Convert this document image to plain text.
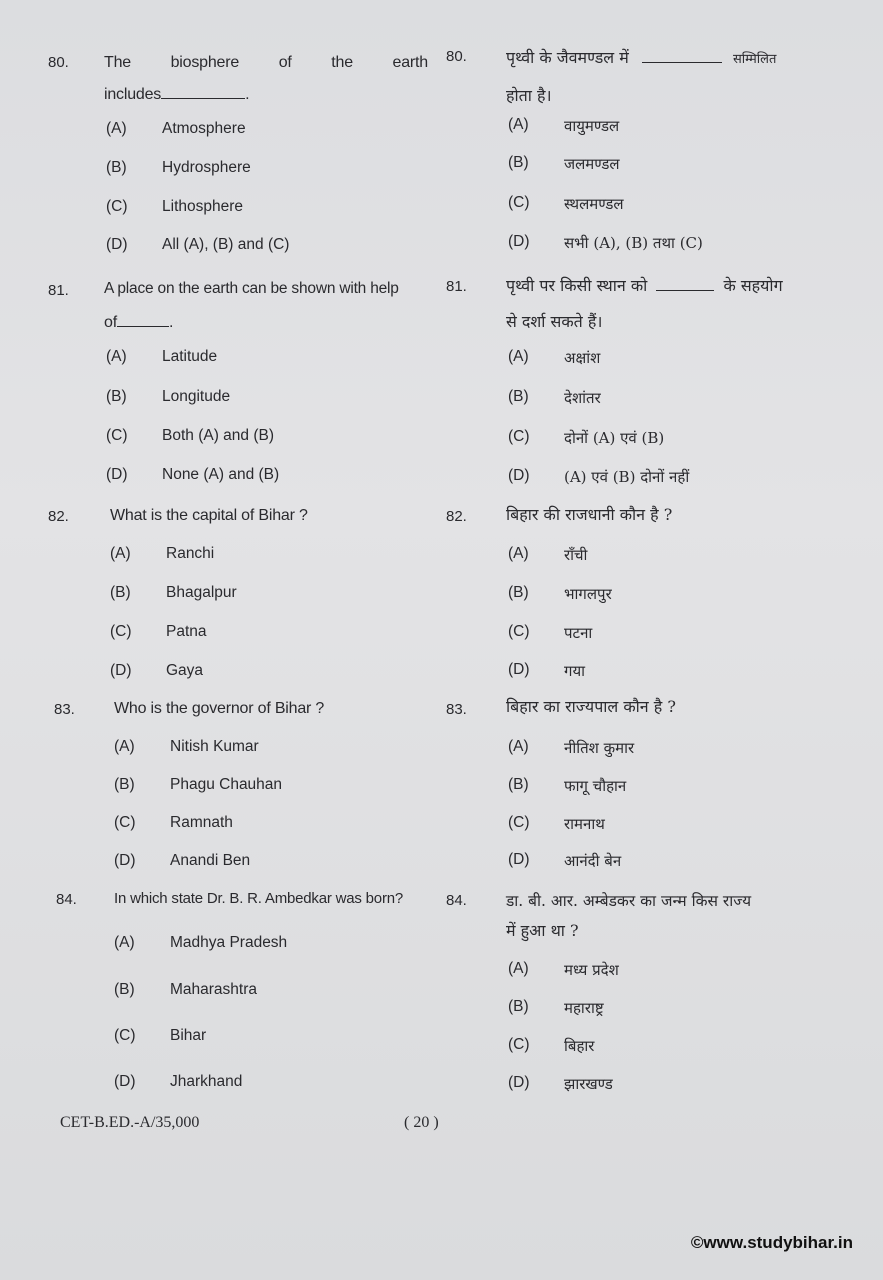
80. The biosphere of the earth
includes	.
(A) Atmosphere
(B) Hydrosphere
(C) Lithosphere
(D) All (A), (B) and (C)
81. A place on the earth can be shown with help
of	.
(A) Latitude
(B) Longitude
(C) Both (A) and (B)
(D) None (A) and (B)
82.	What is the capital of Bihar ?
(A) Ranchi
(B) Bhagalpur
(C) Patna
(D) Gaya
83. Who is the governor of Bihar ?
(A) Nitish Kumar
(B) Phagu Chauhan
(C) Ramnath
(D) Anandi Ben
84. In which state Dr. B. R. Ambedkar was born?
(A) Madhya Pradesh
(B) Maharashtra
(C) Bihar
(D) Jharkhand
80. पृथ्वी के जैवमण्डल में	सम्मिलित
होता है।
(A) वायुमण्डल
(B) जलमण्डल
(C) स्थलमण्डल
(D) सभी (A), (B) तथा (C)
81. पृथ्वी पर किसी स्थान को	के सहयोग
से दर्शा सकते हैं।
(A) अक्षांश
(B) देशांतर
(C) दोनों (A) एवं (B)
(D) (A) एवं (B) दोनों नहीं
82. बिहार की राजधानी कौन है ?
(A) राँची
(B) भागलपुर
(C) पटना
(D) गया
83. बिहार का राज्यपाल कौन है ?
(A) नीतिश कुमार
(B) फागू चौहान
(C) रामनाथ
(D) आनंदी बेन
84.	डा. बी. आर. अम्बेडकर का जन्म किस राज्य
में हुआ था ?
(A) मध्य प्रदेश
(B) महाराष्ट्र
(C) बिहार
(D) झारखण्ड
CET-B.ED.-A/35,000	( 20 )
©www.studybihar.in
